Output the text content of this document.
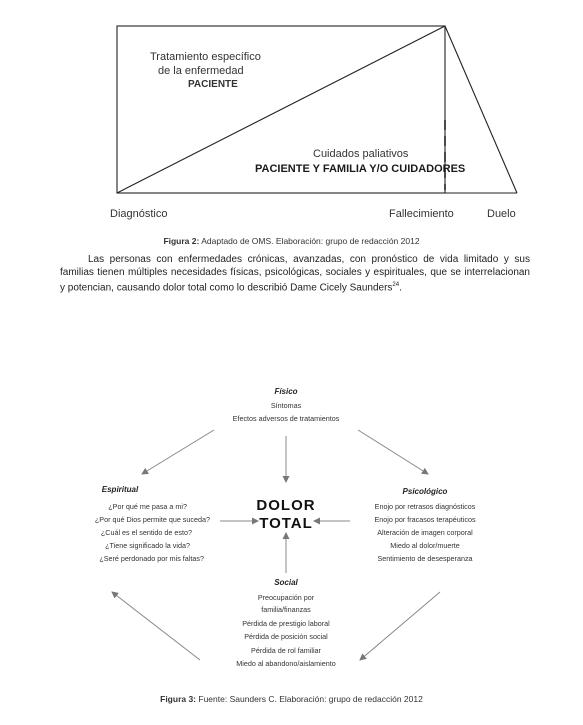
Tratamiento específico
de la enfermedad
PACIENTE
Cuidados paliativos
PACIENTE Y FAMILIA Y/O CUIDADORES
Diagnóstico	Fallecimiento	Duelo
Figura 2: Adaptado de OMS. Elaboración: grupo de redacción 2012
Las personas con enfermedades crónicas, avanzadas, con pronóstico de vida limitado y sus familias tienen múltiples necesidades físicas, psicológicas, sociales y espirituales, que se interrelacionan y potencian, causando dolor total como lo describió Dame Cicely Saunders$^{24}$.
Físico
Síntomas
Efectos adversos de tratamientos
Espiritual
¿Por qué me pasa a mi?
¿Por qué Dios permite que suceda?
¿Cuál es el sentido de esto?
¿Tiene significado la vida?
¿Seré perdonado por mis faltas?
DOLOR
TOTAL
Psicológico
Enojo por retrasos diagnósticos
Enojo por fracasos terapéuticos
Alteración de imagen corporal
Miedo al dolor/muerte
Sentimiento de desesperanza
Social
Preocupación por
familia/finanzas
Pérdida de prestigio laboral
Pérdida de posición social
Pérdida de rol familiar
Miedo al abandono/aislamiento
Figura 3: Fuente: Saunders C. Elaboración: grupo de redacción 2012
